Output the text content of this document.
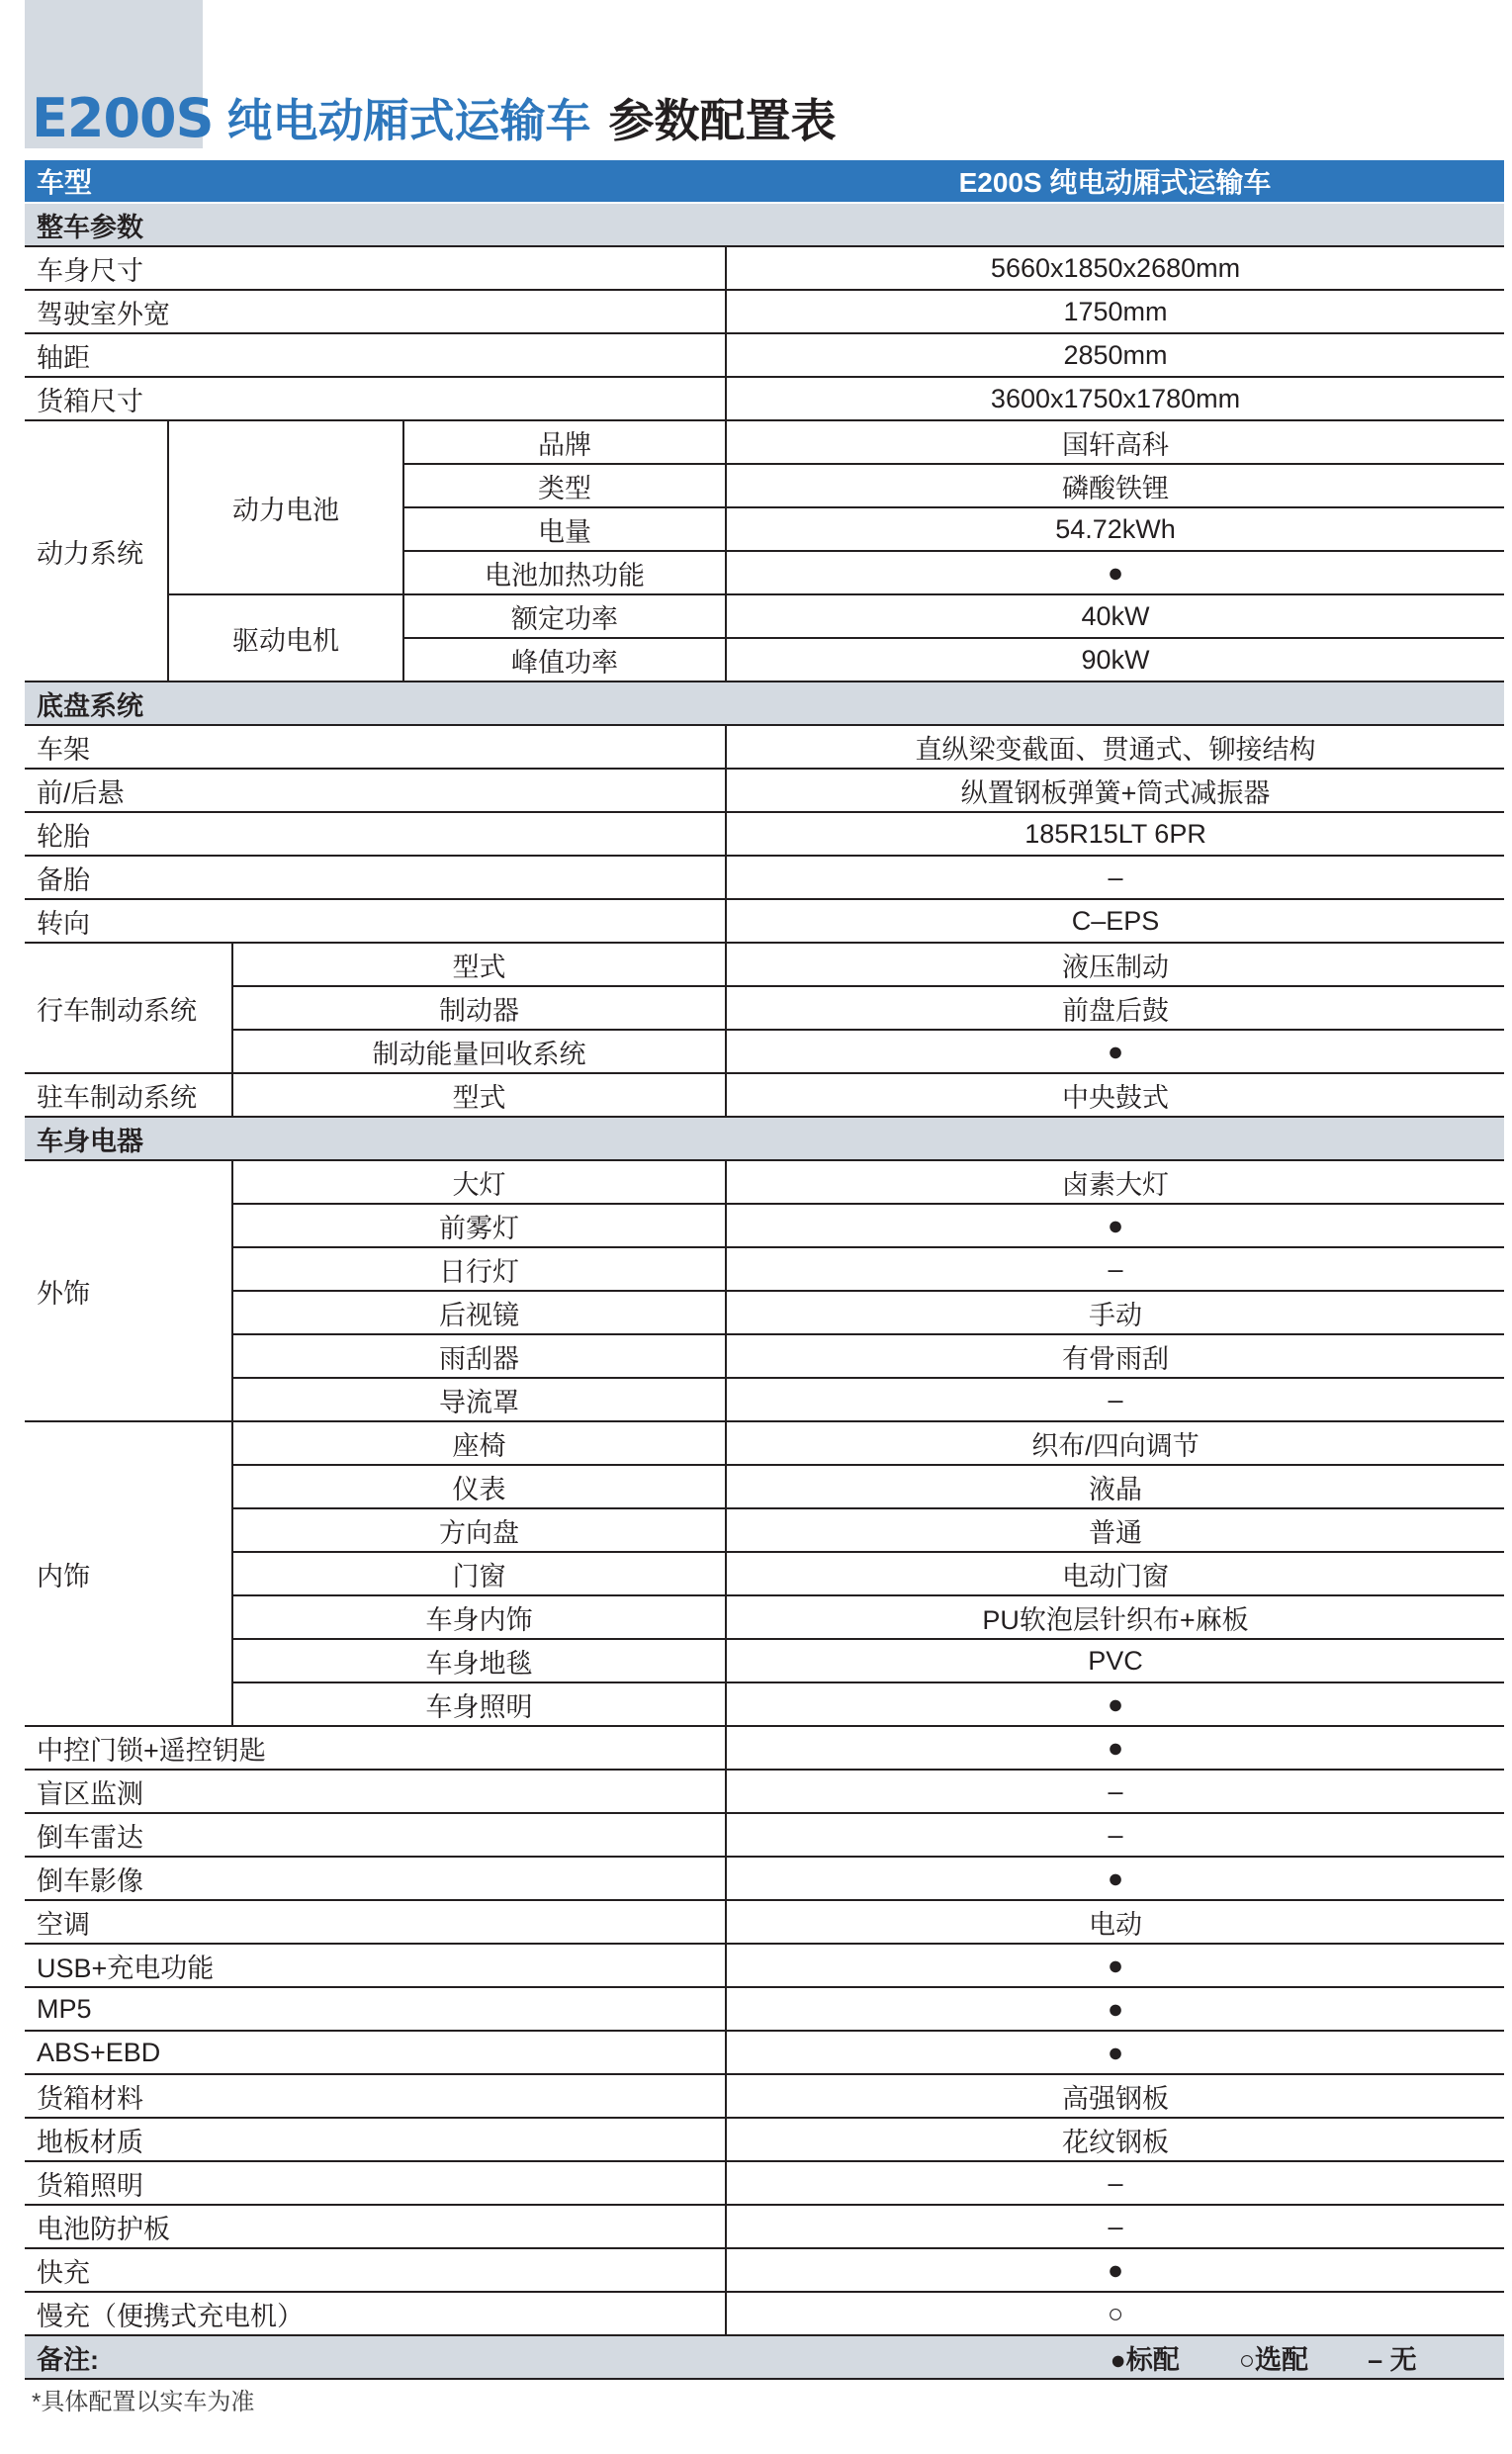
E200S 纯电动厢式运输车 参数配置表
车型				E200S 纯电动厢式运输车
整车参数				
车身尺寸				5660x1850x2680mm
驾驶室外宽				1750mm
轴距				2850mm
货箱尺寸				3600x1750x1780mm
动力系统	动力电池		品牌	国轩高科
			类型	磷酸铁锂
			电量	54.72kWh
			电池加热功能	●
	驱动电机		额定功率	40kW
			峰值功率	90kW
底盘系统				
车架				直纵梁变截面、贯通式、铆接结构
前/后悬				纵置钢板弹簧+筒式减振器
轮胎				185R15LT 6PR
备胎				–
转向				C–EPS
行车制动系统		型式		液压制动
		制动器		前盘后鼓
		制动能量回收系统		●
驻车制动系统		型式		中央鼓式
车身电器				
外饰		大灯		卤素大灯
		前雾灯		●
		日行灯		–
		后视镜		手动
		雨刮器		有骨雨刮
		导流罩		–
内饰		座椅		织布/四向调节
		仪表		液晶
		方向盘		普通
		门窗		电动门窗
		车身内饰		PU软泡层针织布+麻板
		车身地毯		PVC
		车身照明		●
中控门锁+遥控钥匙				●
盲区监测				–
倒车雷达				–
倒车影像				●
空调				电动
USB+充电功能				●
MP5				●
ABS+EBD				●
货箱材料				高强钢板
地板材质				花纹钢板
货箱照明				–
电池防护板				–
快充				●
慢充（便携式充电机）				○
备注:				●标配 ○选配 – 无
*具体配置以实车为准
